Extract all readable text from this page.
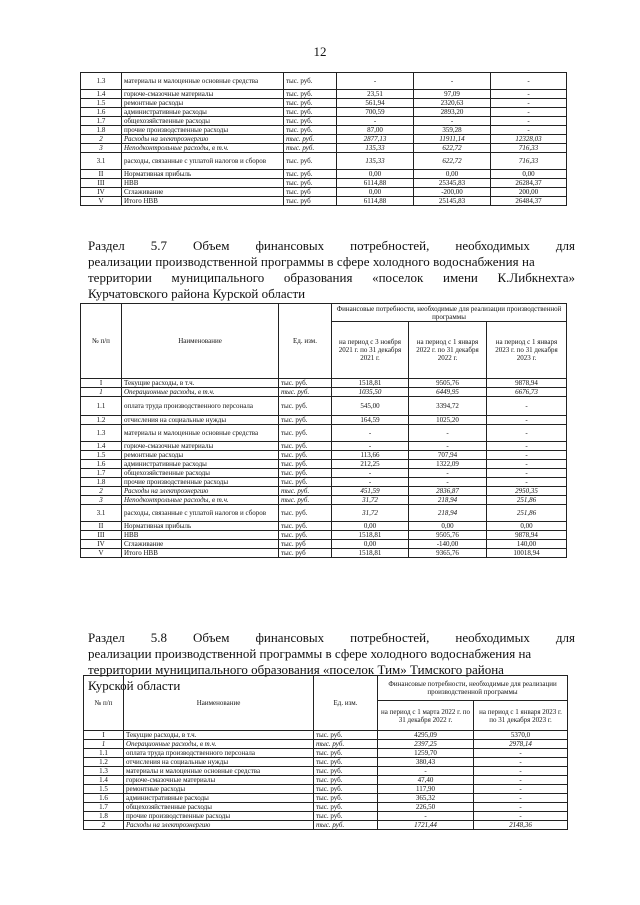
12
1.3	материалы и малоценные основные средства	тыс. руб.	-	-	-
1.4	горюче-смазочные материалы	тыс. руб.	23,51	97,09	-
1.5	ремонтные расходы	тыс. руб.	561,94	2320,63	-
1.6	административные расходы	тыс. руб.	700,59	2893,20	-
1.7	общехозяйственные расходы	тыс. руб.	-	-	-
1.8	прочие производственные расходы	тыс. руб.	87,00	359,28	-
2	Расходы на электроэнергию	тыс. руб.	2877,13	11911,14	12328,03
3	Неподконтрольные расходы, в т.ч.	тыс. руб.	135,33	622,72	716,33
3.1	расходы, связанные с уплатой налогов и сборов	тыс. руб.	135,33	622,72	716,33
II	Нормативная прибыль	тыс. руб.	0,00	0,00	0,00
III	НВВ	тыс. руб.	6114,88	25345,83	26284,37
IV	Сглаживание	тыс. руб	0,00	-200,00	200,00
V	Итого НВВ	тыс. руб	6114,88	25145,83	26484,37
Раздел 5.7 Объем финансовых потребностей, необходимых для
реализации производственной программы в сфере холодного водоснабжения на
территории муниципального образования «поселок имени К.Либкнехта»
Курчатовского района Курской области
№ п/п	Наименование	Ед. изм.	Финансовые потребности, необходимые для реализации производственной программы		
			на период с 3 ноября 2021 г. по 31 декабря 2021 г.	на период с 1 января 2022 г. по 31 декабря 2022 г.	на период с 1 января 2023 г. по 31 декабря 2023 г.
I	Текущие расходы, в т.ч.	тыс. руб.	1518,81	9505,76	9878,94
1	Операционные расходы, в т.ч.	тыс. руб.	1035,50	6449,95	6676,73
1.1	оплата труда производственного персонала	тыс. руб.	545,00	3394,72	-
1.2	отчисления на социальные нужды	тыс. руб.	164,59	1025,20	-
1.3	материалы и малоценные основные средства	тыс. руб.	-	-	-
1.4	горюче-смазочные материалы	тыс. руб.	-	-	-
1.5	ремонтные расходы	тыс. руб.	113,66	707,94	-
1.6	административные расходы	тыс. руб.	212,25	1322,09	-
1.7	общехозяйственные расходы	тыс. руб.	-	-	-
1.8	прочие производственные расходы	тыс. руб.	-	-	-
2	Расходы на электроэнергию	тыс. руб.	451,59	2836,87	2950,35
3	Неподконтрольные расходы, в т.ч.	тыс. руб.	31,72	218,94	251,86
3.1	расходы, связанные с уплатой налогов и сборов	тыс. руб.	31,72	218,94	251,86
II	Нормативная прибыль	тыс. руб.	0,00	0,00	0,00
III	НВВ	тыс. руб.	1518,81	9505,76	9878,94
IV	Сглаживание	тыс. руб	0,00	-140,00	140,00
V	Итого НВВ	тыс. руб	1518,81	9365,76	10018,94
Раздел 5.8 Объем финансовых потребностей, необходимых для
реализации производственной программы в сфере холодного водоснабжения на
территории муниципального образования «поселок Тим» Тимского района
Курской области
№ п/п	Наименование	Ед. изм.	Финансовые потребности, необходимые для реализации производственной программы	
			на период с 1 марта 2022 г. по 31 декабря 2022 г.	на период с 1 января 2023 г. по 31 декабря 2023 г.
I	Текущие расходы, в т.ч.	тыс. руб.	4295,09	5370,0
1	Операционные расходы, в т.ч.	тыс. руб.	2397,25	2978,14
1.1	оплата труда производственного персонала	тыс. руб.	1259,70	-
1.2	отчисления на социальные нужды	тыс. руб.	380,43	-
1.3	материалы и малоценные основные средства	тыс. руб.	-	-
1.4	горюче-смазочные материалы	тыс. руб.	47,40	-
1.5	ремонтные расходы	тыс. руб.	117,90	-
1.6	административные расходы	тыс. руб.	365,32	-
1.7	общехозяйственные расходы	тыс. руб.	226,50	-
1.8	прочие производственные расходы	тыс. руб.	-	-
2	Расходы на электроэнергию	тыс. руб.	1721,44	2148,36
